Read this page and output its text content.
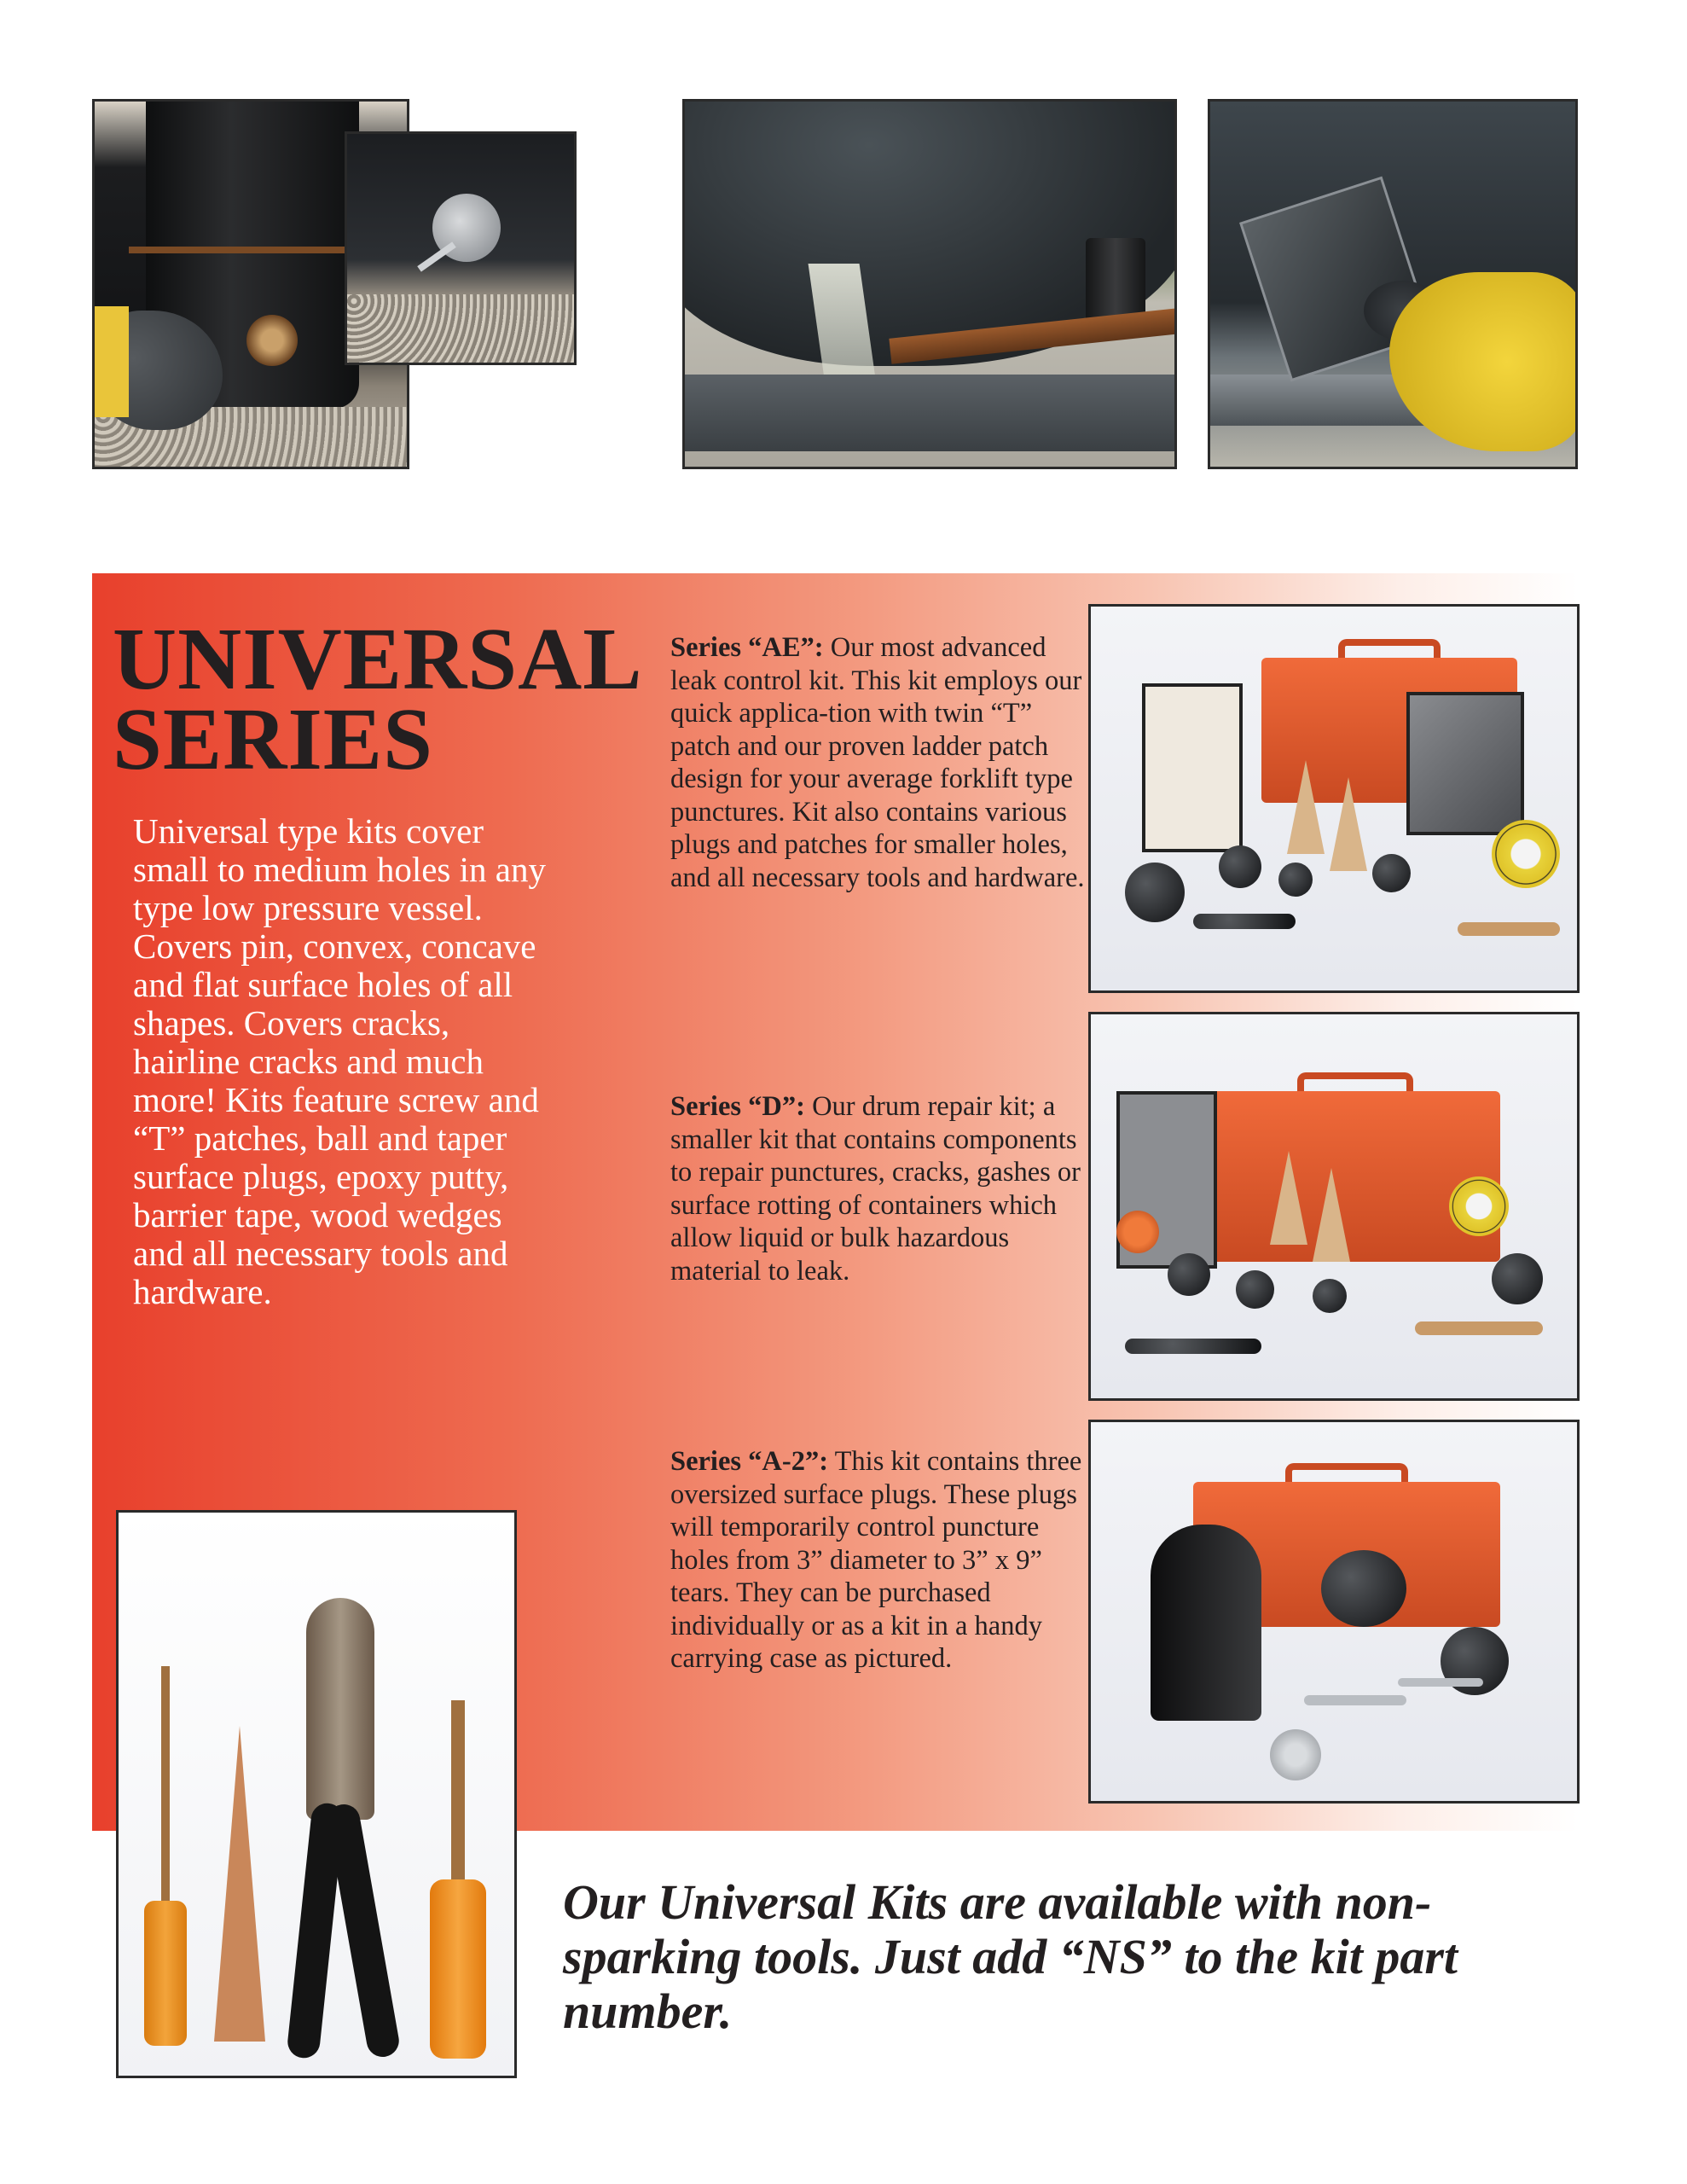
UNIVERSAL
SERIES

Universal type kits cover small to medium holes in any type low pressure vessel. Covers pin, convex, concave and flat surface holes of all shapes. Covers cracks, hairline cracks and much more! Kits feature screw and “T” patches, ball and taper surface plugs, epoxy putty, barrier tape, wood wedges and all necessary tools and hardware.

Series “AE”: Our most advanced leak control kit. This kit employs our quick applica-tion with twin “T” patch and our proven ladder patch design for your average forklift type punctures. Kit also contains various plugs and patches for smaller holes, and all necessary tools and hardware.

Series “D”: Our drum repair kit; a smaller kit that contains components to repair punctures, cracks, gashes or surface rotting of containers which allow liquid or bulk hazardous material to leak.

Series “A-2”: This kit contains three oversized surface plugs. These plugs will temporarily control puncture holes from 3” diameter to 3” x 9” tears. They can be purchased individually or as a kit in a handy carrying case as pictured.

Our Universal Kits are available with non-sparking tools. Just add “NS” to the kit part number.
